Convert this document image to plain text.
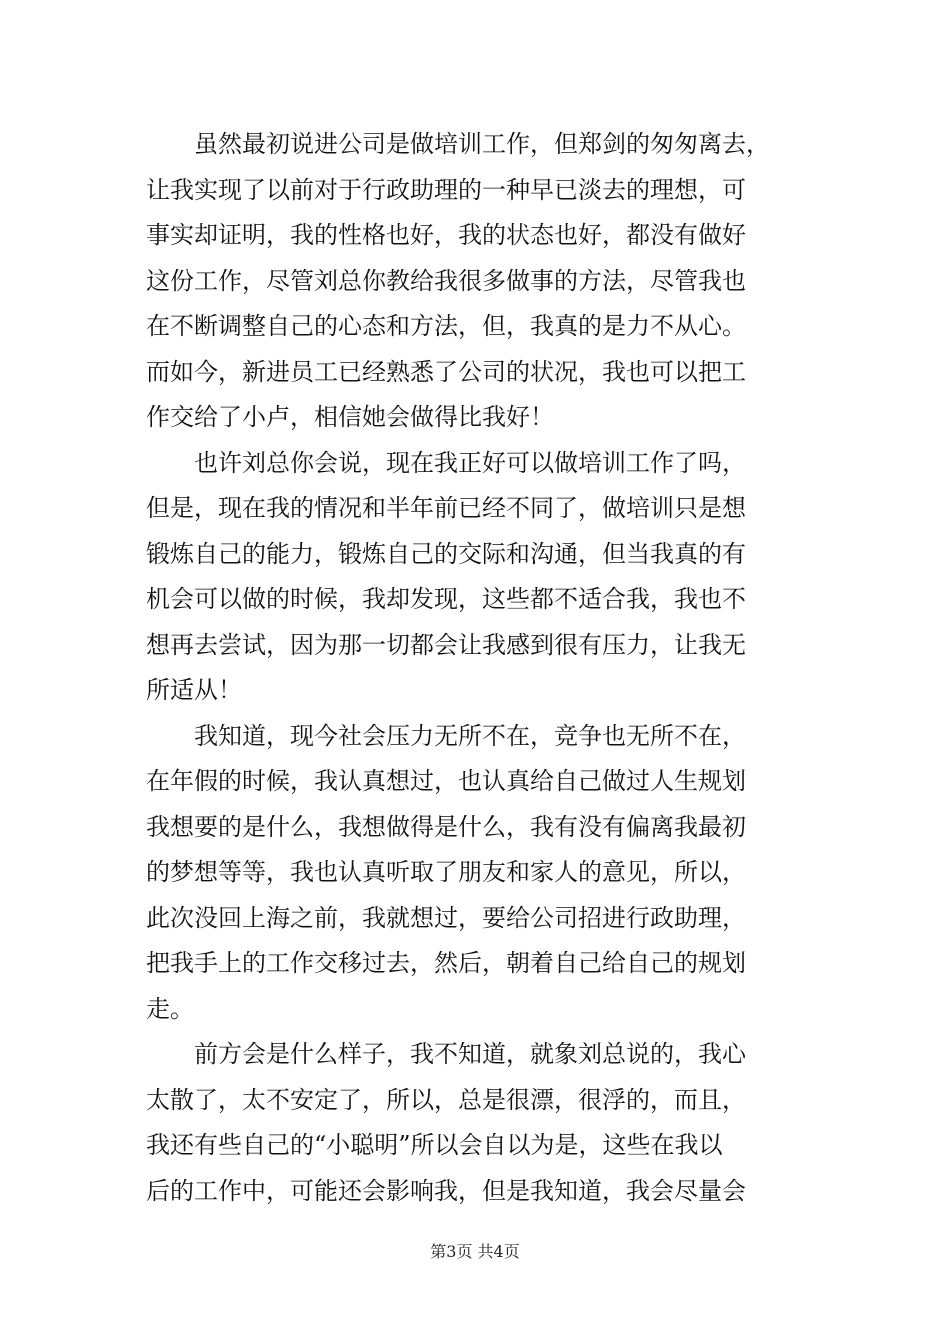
　　虽然最初说进公司是做培训工作，但郑剑的匆匆离去，
让我实现了以前对于行政助理的一种早已淡去的理想，可
事实却证明，我的性格也好，我的状态也好，都没有做好
这份工作，尽管刘总你教给我很多做事的方法，尽管我也
在不断调整自己的心态和方法，但，我真的是力不从心。
而如今，新进员工已经熟悉了公司的状况，我也可以把工
作交给了小卢，相信她会做得比我好！
　　也许刘总你会说，现在我正好可以做培训工作了吗，
但是，现在我的情况和半年前已经不同了，做培训只是想
锻炼自己的能力，锻炼自己的交际和沟通，但当我真的有
机会可以做的时候，我却发现，这些都不适合我，我也不
想再去尝试，因为那一切都会让我感到很有压力，让我无
所适从！
　　我知道，现今社会压力无所不在，竞争也无所不在，
在年假的时候，我认真想过，也认真给自己做过人生规划
我想要的是什么，我想做得是什么，我有没有偏离我最初
的梦想等等，我也认真听取了朋友和家人的意见，所以，
此次没回上海之前，我就想过，要给公司招进行政助理，
把我手上的工作交移过去，然后，朝着自己给自己的规划
走。
　　前方会是什么样子，我不知道，就象刘总说的，我心
太散了，太不安定了，所以，总是很漂，很浮的，而且，
我还有些自己的“小聪明”所以会自以为是，这些在我以
后的工作中，可能还会影响我，但是我知道，我会尽量会
第3页 共4页
